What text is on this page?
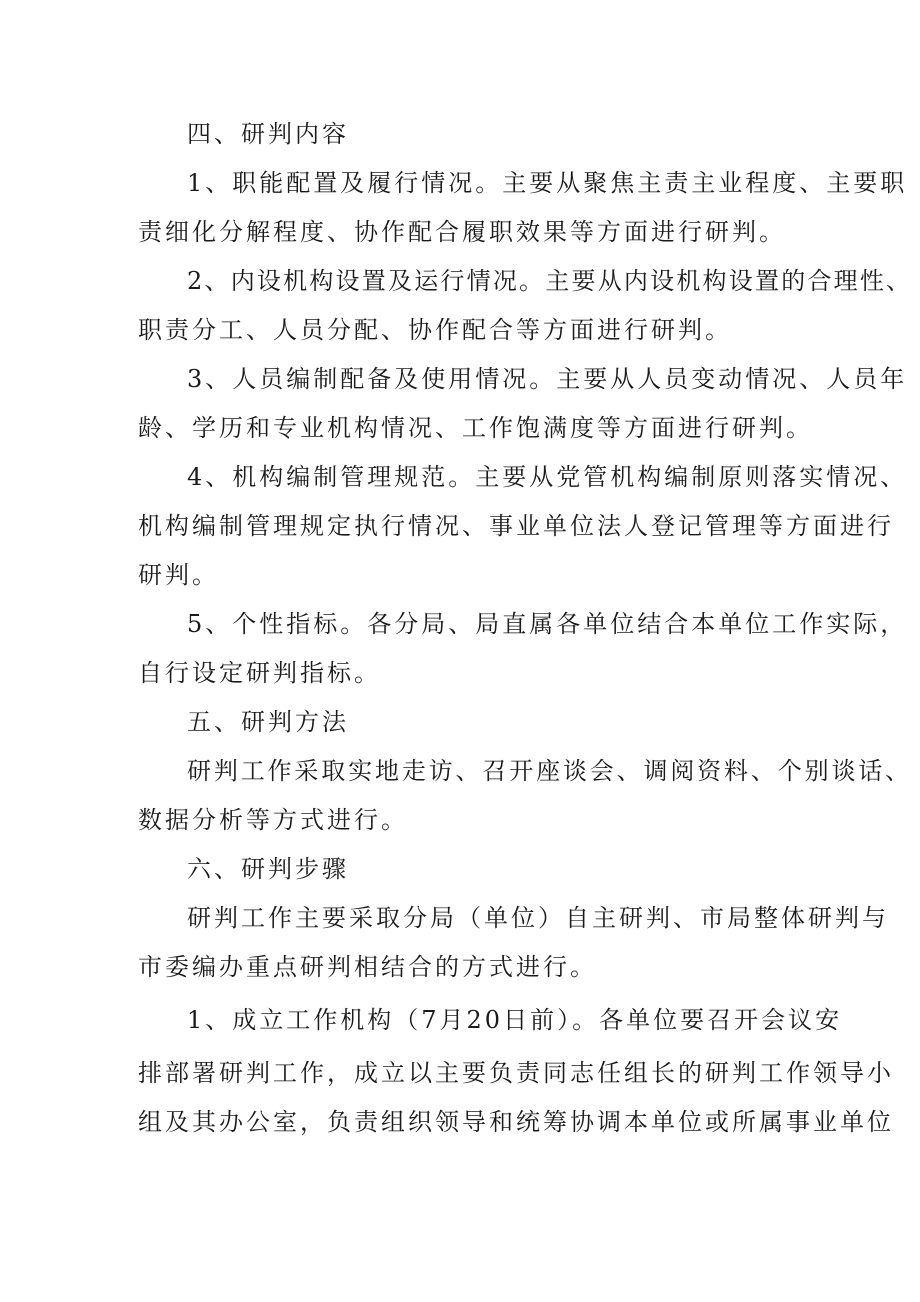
四、研判内容
1、职能配置及履行情况。主要从聚焦主责主业程度、主要职
责细化分解程度、协作配合履职效果等方面进行研判。
2、内设机构设置及运行情况。主要从内设机构设置的合理性、
职责分工、人员分配、协作配合等方面进行研判。
3、人员编制配备及使用情况。主要从人员变动情况、人员年
龄、学历和专业机构情况、工作饱满度等方面进行研判。
4、机构编制管理规范。主要从党管机构编制原则落实情况、
机构编制管理规定执行情况、事业单位法人登记管理等方面进行
研判。
5、个性指标。各分局、局直属各单位结合本单位工作实际，
自行设定研判指标。
五、研判方法
研判工作采取实地走访、召开座谈会、调阅资料、个别谈话、
数据分析等方式进行。
六、研判步骤
研判工作主要采取分局（单位）自主研判、市局整体研判与
市委编办重点研判相结合的方式进行。
1、成立工作机构（7月20日前）。各单位要召开会议安
排部署研判工作，成立以主要负责同志任组长的研判工作领导小
组及其办公室，负责组织领导和统筹协调本单位或所属事业单位
